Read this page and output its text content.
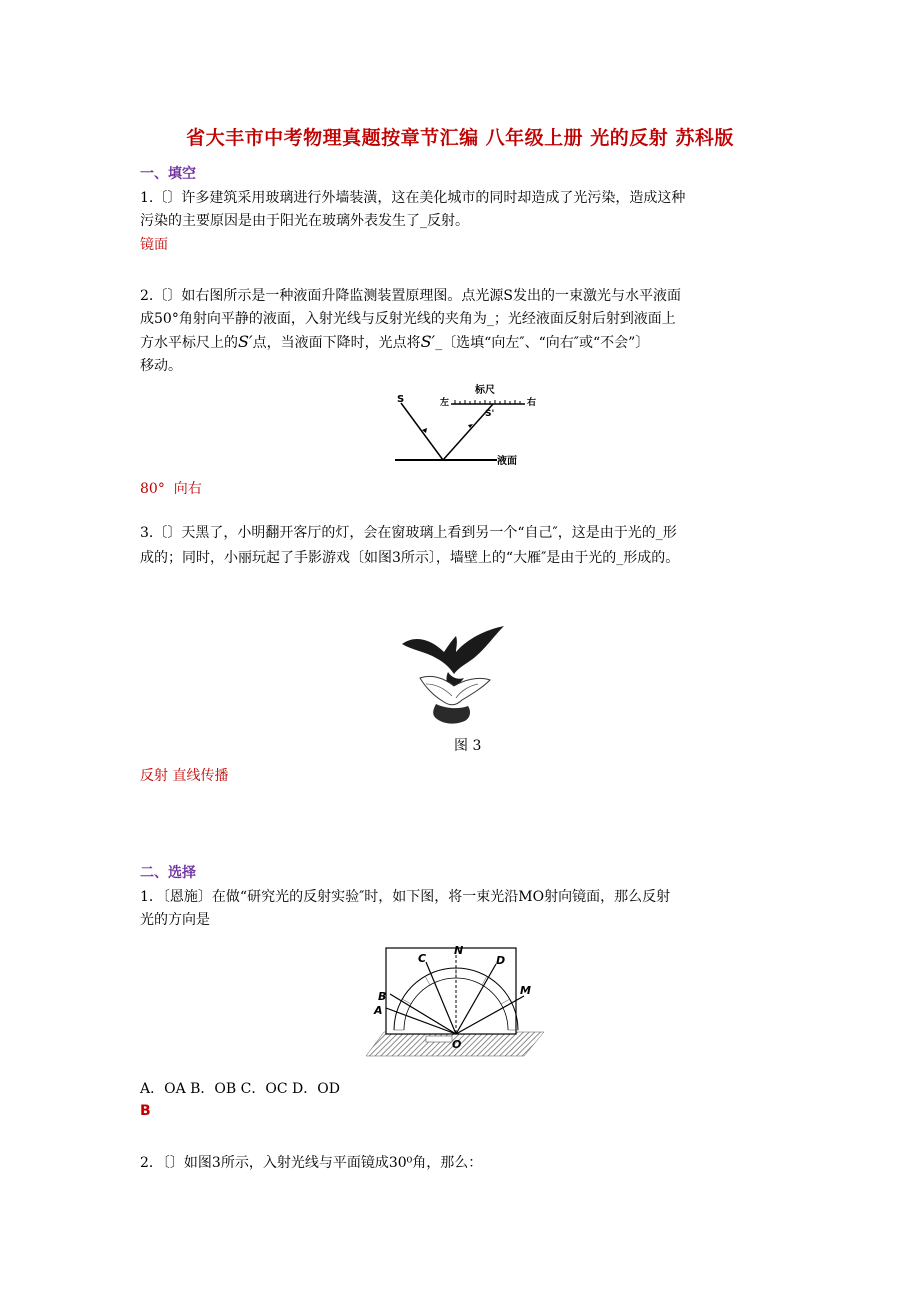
省大丰市中考物理真题按章节汇编 八年级上册 光的反射 苏科版
一、填空
1.〔〕许多建筑采用玻璃进行外墙装潢，这在美化城市的同时却造成了光污染，造成这种
污染的主要原因是由于阳光在玻璃外表发生了_反射。
镜面
2.〔〕如右图所示是一种液面升降监测装置原理图。点光源S发出的一束激光与水平液面
成50°角射向平静的液面，入射光线与反射光线的夹角为_；光经液面反射后射到液面上
方水平标尺上的S′点，当液面下降时，光点将S′_〔选填“向左″、“向右″或“不会”〕
移动。
S	左
标尺
S'
右
液面
80°  向右
3.〔〕天黑了，小明翻开客厅的灯，会在窗玻璃上看到另一个“自己″，这是由于光的_形
成的；同时，小丽玩起了手影游戏〔如图3所示〕，墙壁上的“大雁″是由于光的_形成的。
图 3
反射 直线传播
二、选择
1．〔恩施〕在做“研究光的反射实验″时，如下图，将一束光沿MO射向镜面，那么反射
光的方向是
A
B
C
N
D
M
O
A．OA B．OB C．OC D．OD
B
2．〔〕如图3所示，入射光线与平面镜成30⁰角，那么：
